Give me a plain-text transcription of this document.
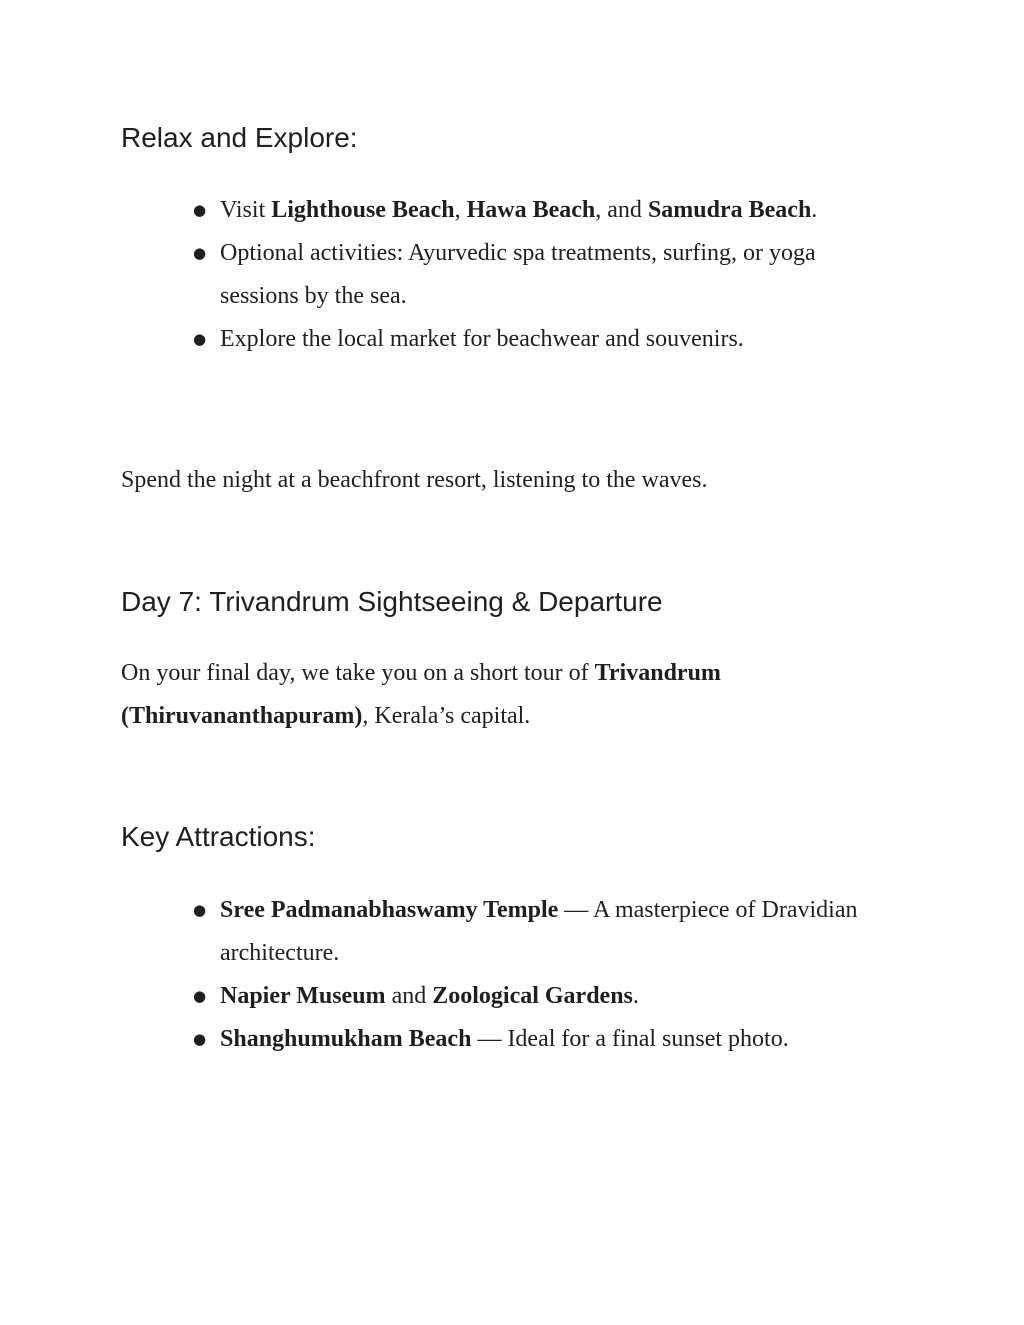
Relax and Explore:
● Visit Lighthouse Beach, Hawa Beach, and Samudra Beach.
● Optional activities: Ayurvedic spa treatments, surfing, or yoga sessions by the sea.
● Explore the local market for beachwear and souvenirs.

Spend the night at a beachfront resort, listening to the waves.

Day 7: Trivandrum Sightseeing & Departure

On your final day, we take you on a short tour of Trivandrum (Thiruvananthapuram), Kerala’s capital.

Key Attractions:
● Sree Padmanabhaswamy Temple — A masterpiece of Dravidian architecture.
● Napier Museum and Zoological Gardens.
● Shanghumukham Beach — Ideal for a final sunset photo.
